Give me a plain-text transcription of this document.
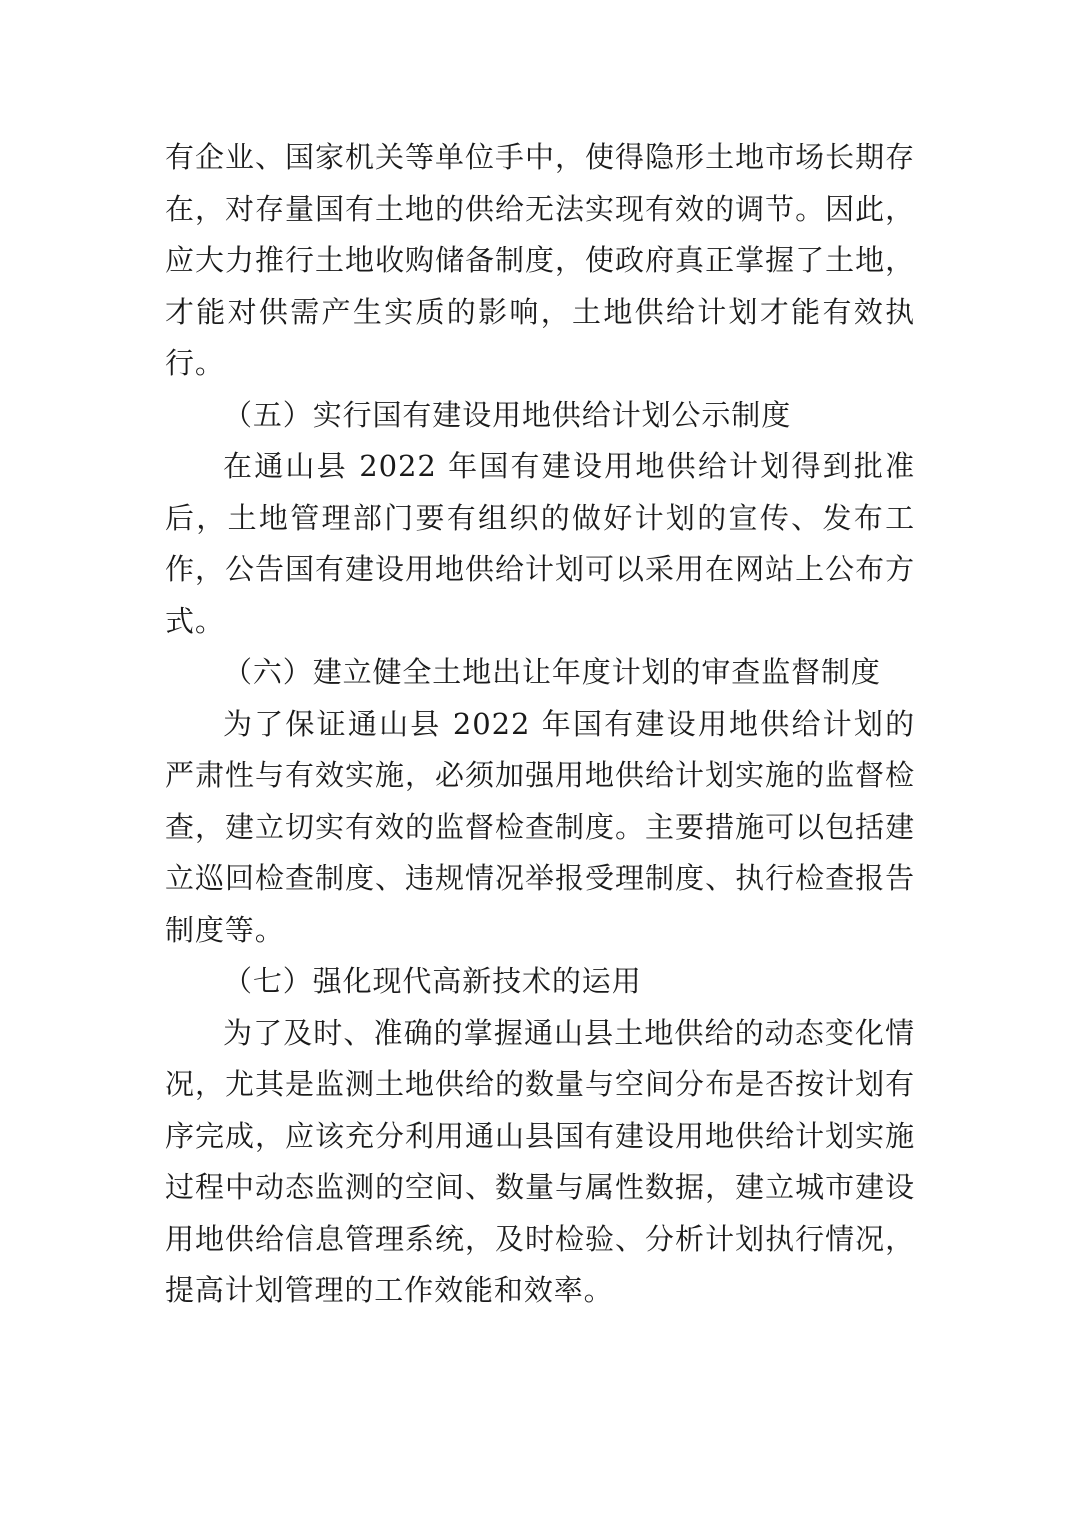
有企业、国家机关等单位手中，使得隐形土地市场长期存在，对存量国有土地的供给无法实现有效的调节。因此，应大力推行土地收购储备制度，使政府真正掌握了土地，才能对供需产生实质的影响，土地供给计划才能有效执行。

（五）实行国有建设用地供给计划公示制度

在通山县 2022 年国有建设用地供给计划得到批准后，土地管理部门要有组织的做好计划的宣传、发布工作，公告国有建设用地供给计划可以采用在网站上公布方式。

（六）建立健全土地出让年度计划的审查监督制度

为了保证通山县 2022 年国有建设用地供给计划的严肃性与有效实施，必须加强用地供给计划实施的监督检查，建立切实有效的监督检查制度。主要措施可以包括建立巡回检查制度、违规情况举报受理制度、执行检查报告制度等。

（七）强化现代高新技术的运用

为了及时、准确的掌握通山县土地供给的动态变化情况，尤其是监测土地供给的数量与空间分布是否按计划有序完成，应该充分利用通山县国有建设用地供给计划实施过程中动态监测的空间、数量与属性数据，建立城市建设用地供给信息管理系统，及时检验、分析计划执行情况，提高计划管理的工作效能和效率。
